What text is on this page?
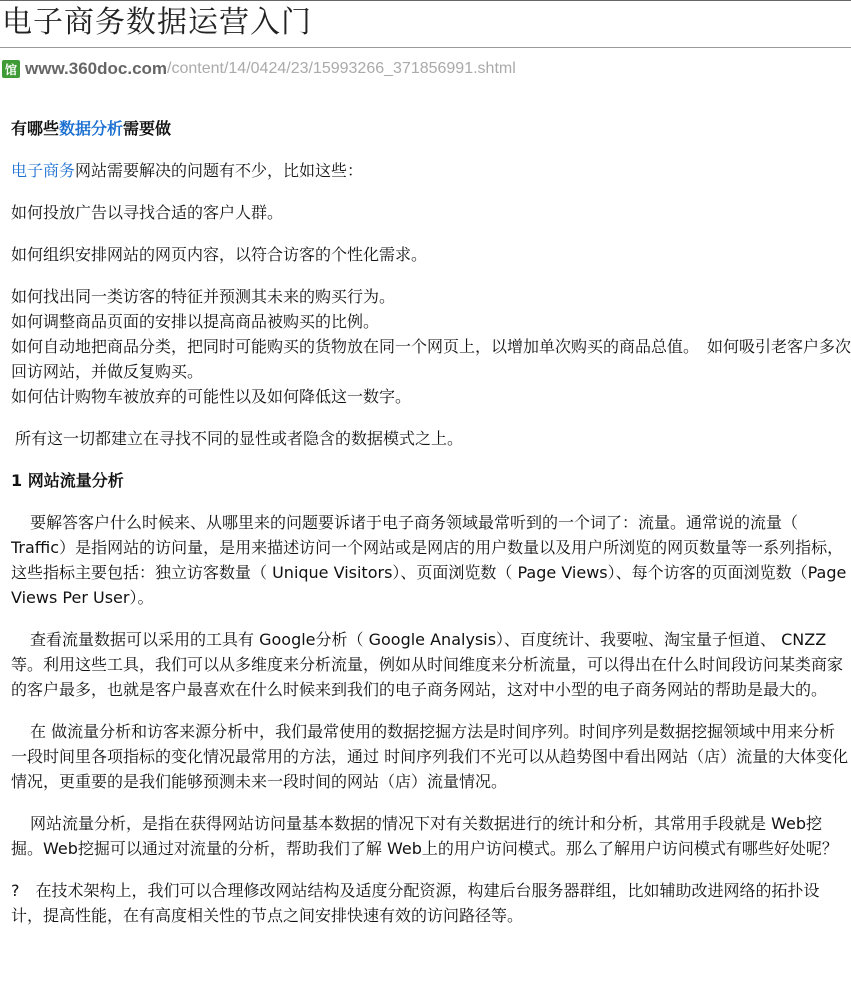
电子商务数据运营入门
馆 www.360doc.com /content/14/0424/23/15993266_371856991.shtml

有哪些数据分析需要做

电子商务网站需要解决的问题有不少，比如这些：

如何投放广告以寻找合适的客户人群。

如何组织安排网站的网页内容，以符合访客的个性化需求。

如何找出同一类访客的特征并预测其未来的购买行为。
如何调整商品页面的安排以提高商品被购买的比例。
如何自动地把商品分类，把同时可能购买的货物放在同一个网页上，以增加单次购买的商品总值。　如何吸引老客户多次回访网站，并做反复购买。
如何估计购物车被放弃的可能性以及如何降低这一数字。

所有这一切都建立在寻找不同的显性或者隐含的数据模式之上。

1 网站流量分析

要解答客户什么时候来、从哪里来的问题要诉诸于电子商务领域最常听到的一个词了：流量。通常说的流量（ Traffic）是指网站的访问量，是用来描述访问一个网站或是网店的用户数量以及用户所浏览的网页数量等一系列指标，这些指标主要包括：独立访客数量（ Unique Visitors）、页面浏览数（ Page Views）、每个访客的页面浏览数（Page Views Per User）。

查看流量数据可以采用的工具有 Google分析（ Google Analysis）、百度统计、我要啦、淘宝量子恒道、 CNZZ等。利用这些工具，我们可以从多维度来分析流量，例如从时间维度来分析流量，可以得出在什么时间段访问某类商家的客户最多，也就是客户最喜欢在什么时候来到我们的电子商务网站，这对中小型的电子商务网站的帮助是最大的。

在 做流量分析和访客来源分析中，我们最常使用的数据挖掘方法是时间序列。时间序列是数据挖掘领域中用来分析一段时间里各项指标的变化情况最常用的方法，通过 时间序列我们不光可以从趋势图中看出网站（店）流量的大体变化情况，更重要的是我们能够预测未来一段时间的网站（店）流量情况。

网站流量分析，是指在获得网站访问量基本数据的情况下对有关数据进行的统计和分析，其常用手段就是 Web挖掘。Web挖掘可以通过对流量的分析，帮助我们了解 Web上的用户访问模式。那么了解用户访问模式有哪些好处呢？

?　在技术架构上，我们可以合理修改网站结构及适度分配资源，构建后台服务器群组，比如辅助改进网络的拓扑设计，提高性能，在有高度相关性的节点之间安排快速有效的访问路径等。
